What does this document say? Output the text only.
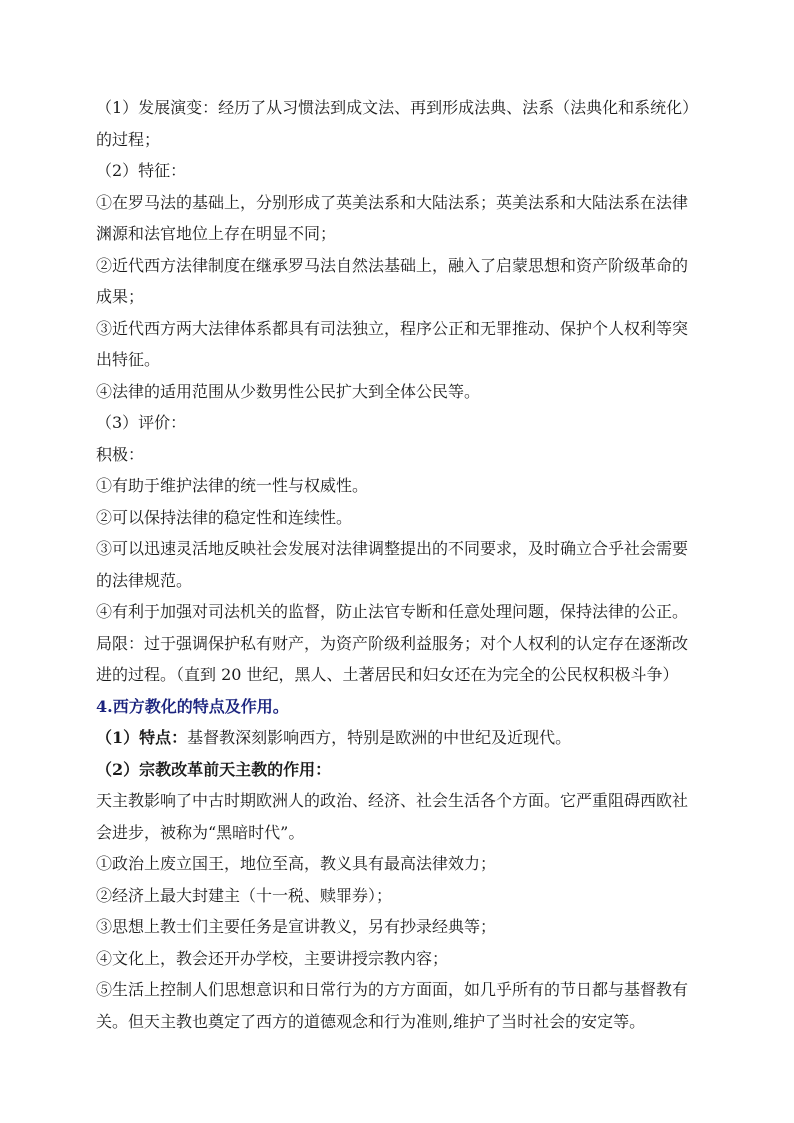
（1）发展演变：经历了从习惯法到成文法、再到形成法典、法系（法典化和系统化）的过程；

（2）特征：

①在罗马法的基础上，分别形成了英美法系和大陆法系；英美法系和大陆法系在法律渊源和法官地位上存在明显不同；

②近代西方法律制度在继承罗马法自然法基础上，融入了启蒙思想和资产阶级革命的成果；

③近代西方两大法律体系都具有司法独立，程序公正和无罪推动、保护个人权利等突出特征。

④法律的适用范围从少数男性公民扩大到全体公民等。

（3）评价：

积极：

①有助于维护法律的统一性与权威性。

②可以保持法律的稳定性和连续性。

③可以迅速灵活地反映社会发展对法律调整提出的不同要求，及时确立合乎社会需要的法律规范。

④有利于加强对司法机关的监督，防止法官专断和任意处理问题，保持法律的公正。

局限：过于强调保护私有财产，为资产阶级利益服务；对个人权利的认定存在逐渐改进的过程。（直到 20 世纪，黑人、土著居民和妇女还在为完全的公民权积极斗争）

4.西方教化的特点及作用。

（1）特点：基督教深刻影响西方，特别是欧洲的中世纪及近现代。

（2）宗教改革前天主教的作用：

天主教影响了中古时期欧洲人的政治、经济、社会生活各个方面。它严重阻碍西欧社会进步，被称为“黑暗时代”。

①政治上废立国王，地位至高，教义具有最高法律效力；

②经济上最大封建主（十一税、赎罪券）；

③思想上教士们主要任务是宣讲教义，另有抄录经典等；

④文化上，教会还开办学校，主要讲授宗教内容；

⑤生活上控制人们思想意识和日常行为的方方面面，如几乎所有的节日都与基督教有关。但天主教也奠定了西方的道德观念和行为准则,维护了当时社会的安定等。
